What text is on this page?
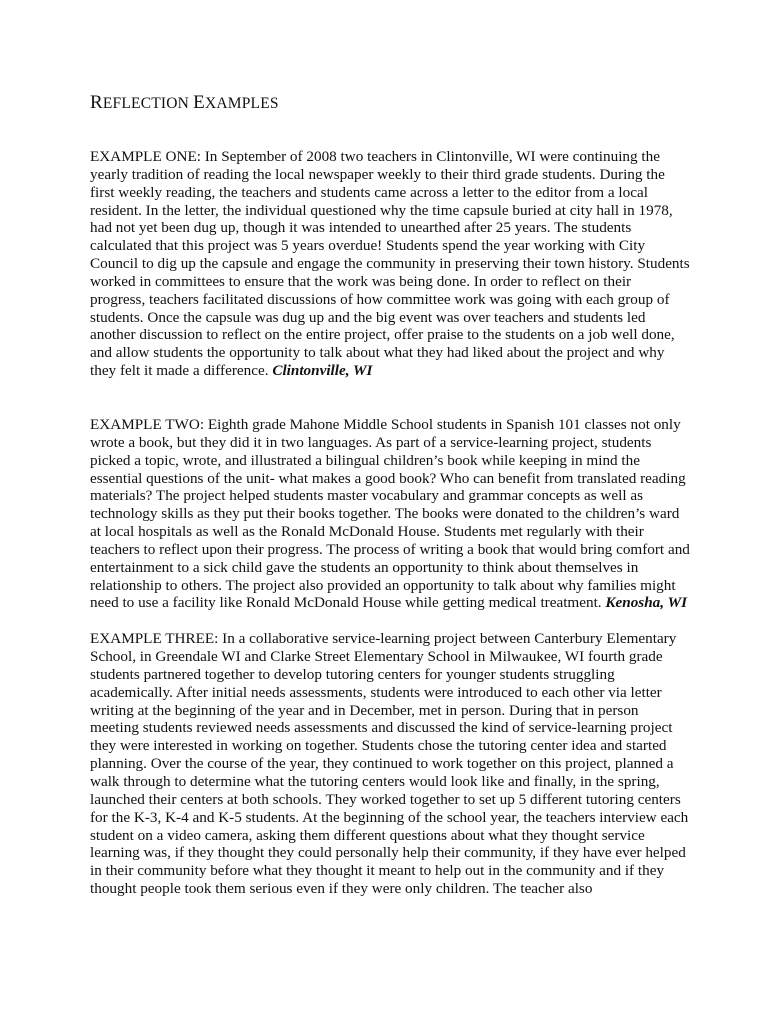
REFLECTION EXAMPLES

EXAMPLE ONE: In September of 2008 two teachers in Clintonville, WI were continuing the yearly tradition of reading the local newspaper weekly to their third grade students. During the first weekly reading, the teachers and students came across a letter to the editor from a local resident. In the letter, the individual questioned why the time capsule buried at city hall in 1978, had not yet been dug up, though it was intended to unearthed after 25 years. The students calculated that this project was 5 years overdue! Students spend the year working with City Council to dig up the capsule and engage the community in preserving their town history. Students worked in committees to ensure that the work was being done. In order to reflect on their progress, teachers facilitated discussions of how committee work was going with each group of students. Once the capsule was dug up and the big event was over teachers and students led another discussion to reflect on the entire project, offer praise to the students on a job well done, and allow students the opportunity to talk about what they had liked about the project and why they felt it made a difference. Clintonville, WI

EXAMPLE TWO: Eighth grade Mahone Middle School students in Spanish 101 classes not only wrote a book, but they did it in two languages. As part of a service-learning project, students picked a topic, wrote, and illustrated a bilingual children’s book while keeping in mind the essential questions of the unit- what makes a good book? Who can benefit from translated reading materials? The project helped students master vocabulary and grammar concepts as well as technology skills as they put their books together. The books were donated to the children’s ward at local hospitals as well as the Ronald McDonald House. Students met regularly with their teachers to reflect upon their progress. The process of writing a book that would bring comfort and entertainment to a sick child gave the students an opportunity to think about themselves in relationship to others. The project also provided an opportunity to talk about why families might need to use a facility like Ronald McDonald House while getting medical treatment. Kenosha, WI

EXAMPLE THREE: In a collaborative service-learning project between Canterbury Elementary School, in Greendale WI and Clarke Street Elementary School in Milwaukee, WI fourth grade students partnered together to develop tutoring centers for younger students struggling academically. After initial needs assessments, students were introduced to each other via letter writing at the beginning of the year and in December, met in person. During that in person meeting students reviewed needs assessments and discussed the kind of service-learning project they were interested in working on together. Students chose the tutoring center idea and started planning. Over the course of the year, they continued to work together on this project, planned a walk through to determine what the tutoring centers would look like and finally, in the spring, launched their centers at both schools. They worked together to set up 5 different tutoring centers for the K-3, K-4 and K-5 students. At the beginning of the school year, the teachers interview each student on a video camera, asking them different questions about what they thought service learning was, if they thought they could personally help their community, if they have ever helped in their community before what they thought it meant to help out in the community and if they thought people took them serious even if they were only children. The teacher also
